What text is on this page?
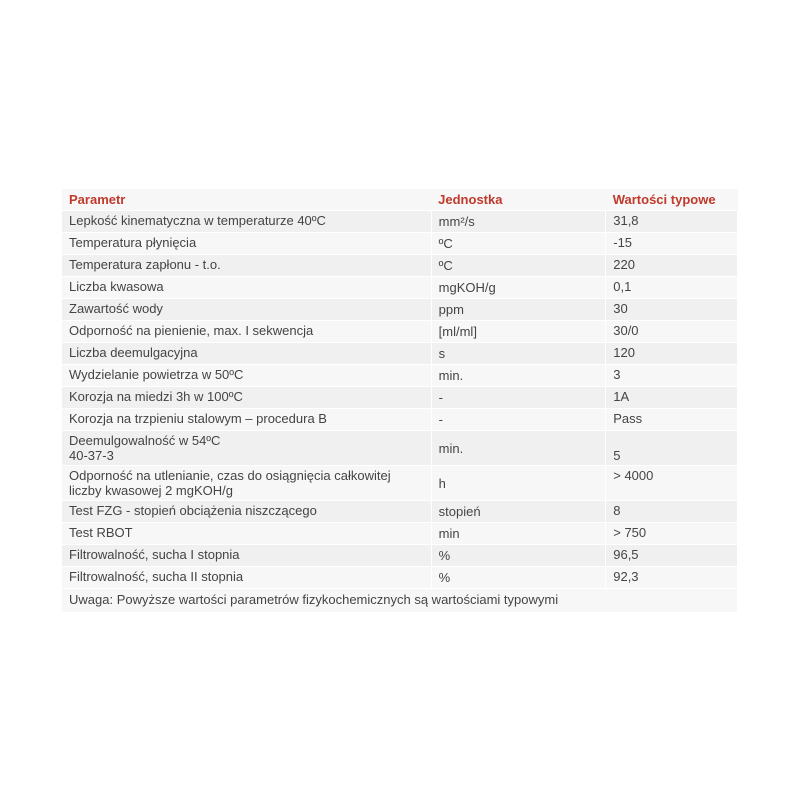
Parametr	Jednostka	Wartości typowe
Lepkość kinematyczna w temperaturze 40ºC	mm²/s	31,8
Temperatura płynięcia	ºC	-15
Temperatura zapłonu - t.o.	ºC	220
Liczba kwasowa	mgKOH/g	0,1
Zawartość wody	ppm	30
Odporność na pienienie, max. I sekwencja	[ml/ml]	30/0
Liczba deemulgacyjna	s	120
Wydzielanie powietrza w 50ºC	min.	3
Korozja na miedzi 3h w 100ºC	-	1A
Korozja na trzpieniu stalowym – procedura B	-	Pass
Deemulgowalność w 54ºC
40-37-3	min.	5
Odporność na utlenianie, czas do osiągnięcia całkowitej
liczby kwasowej 2 mgKOH/g	h	> 4000
Test FZG - stopień obciążenia niszczącego	stopień	8
Test RBOT	min	> 750
Filtrowalność, sucha I stopnia	%	96,5
Filtrowalność, sucha II stopnia	%	92,3
Uwaga: Powyższe wartości parametrów fizykochemicznych są wartościami typowymi		
